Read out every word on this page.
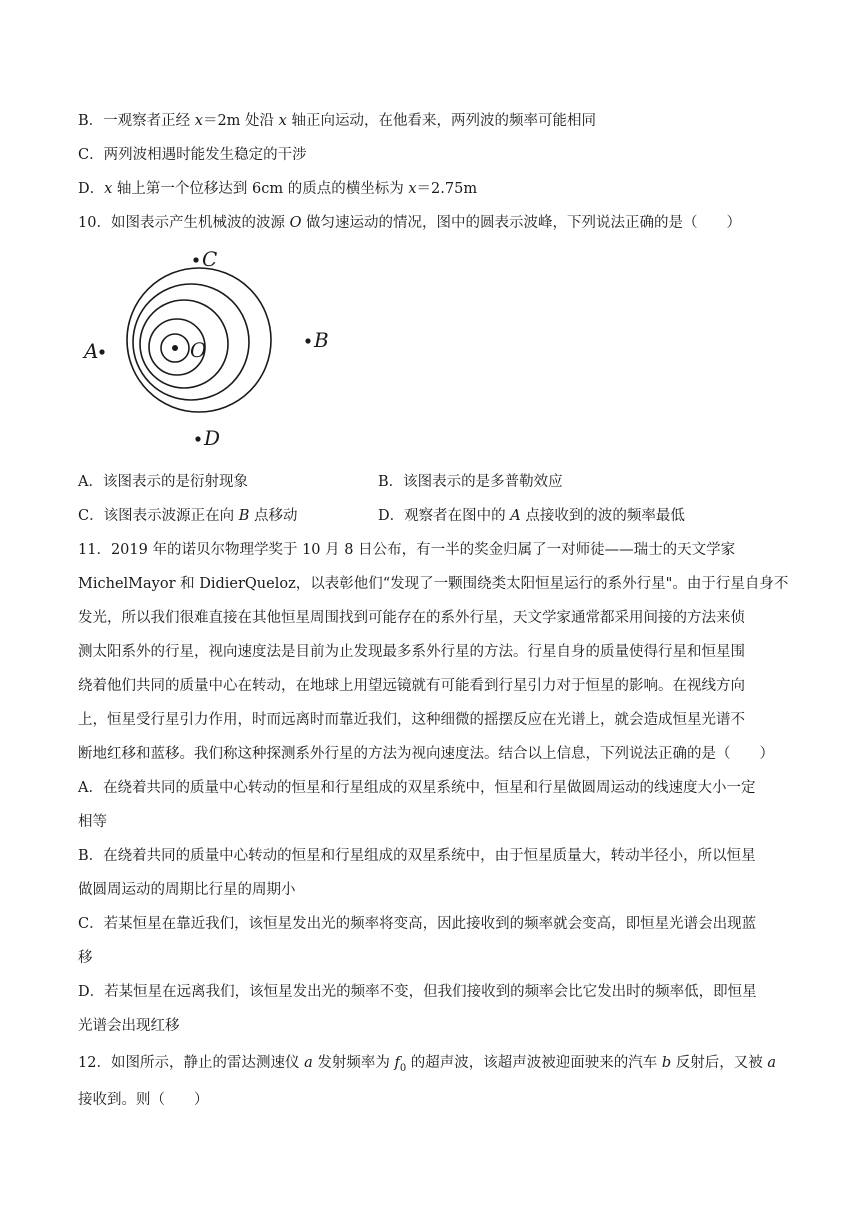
B．一观察者正经 x＝2m 处沿 x 轴正向运动，在他看来，两列波的频率可能相同
C．两列波相遇时能发生稳定的干涉
D．x 轴上第一个位移达到 6cm 的质点的横坐标为 x＝2.75m
10．如图表示产生机械波的波源 O 做匀速运动的情况，图中的圆表示波峰，下列说法正确的是（　　）
O
C
A	B
D
A．该图表示的是衍射现象	B．该图表示的是多普勒效应
C．该图表示波源正在向 B 点移动	D．观察者在图中的 A 点接收到的波的频率最低
11．2019 年的诺贝尔物理学奖于 10 月 8 日公布，有一半的奖金归属了一对师徒——瑞士的天文学家
MichelMayor 和 DidierQueloz，以表彰他们“发现了一颗围绕类太阳恒星运行的系外行星"。由于行星自身不
发光，所以我们很难直接在其他恒星周围找到可能存在的系外行星，天文学家通常都采用间接的方法来侦
测太阳系外的行星，视向速度法是目前为止发现最多系外行星的方法。行星自身的质量使得行星和恒星围
绕着他们共同的质量中心在转动，在地球上用望远镜就有可能看到行星引力对于恒星的影响。在视线方向
上，恒星受行星引力作用，时而远离时而靠近我们，这种细微的摇摆反应在光谱上，就会造成恒星光谱不
断地红移和蓝移。我们称这种探测系外行星的方法为视向速度法。结合以上信息，下列说法正确的是（　　）
A．在绕着共同的质量中心转动的恒星和行星组成的双星系统中，恒星和行星做圆周运动的线速度大小一定
相等
B．在绕着共同的质量中心转动的恒星和行星组成的双星系统中，由于恒星质量大，转动半径小，所以恒星
做圆周运动的周期比行星的周期小
C．若某恒星在靠近我们，该恒星发出光的频率将变高，因此接收到的频率就会变高，即恒星光谱会出现蓝
移
D．若某恒星在远离我们，该恒星发出光的频率不变，但我们接收到的频率会比它发出时的频率低，即恒星
光谱会出现红移
12．如图所示，静止的雷达测速仪 a 发射频率为 $f_0$ 的超声波，该超声波被迎面驶来的汽车 b 反射后，又被 a
接收到。则（　　）
